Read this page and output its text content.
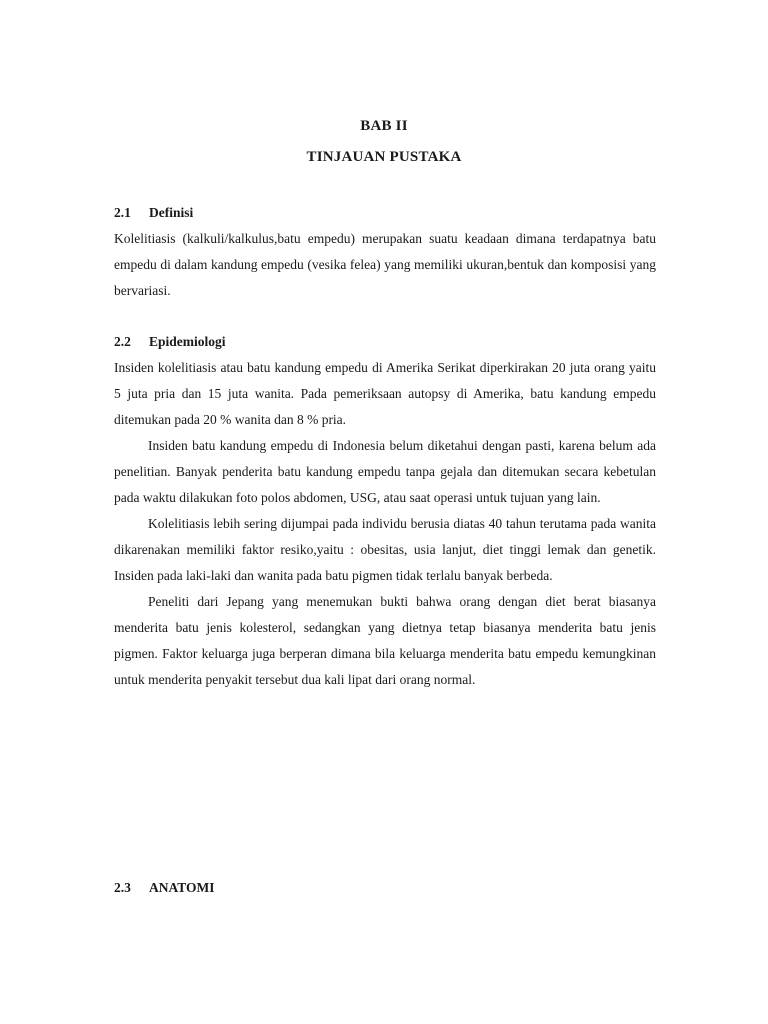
BAB II
TINJAUAN PUSTAKA
2.1 Definisi

Kolelitiasis (kalkuli/kalkulus,batu empedu) merupakan suatu keadaan dimana terdapatnya batu empedu di dalam kandung empedu (vesika felea) yang memiliki ukuran,bentuk dan komposisi yang bervariasi.

2.2 Epidemiologi

Insiden kolelitiasis atau batu kandung empedu di Amerika Serikat diperkirakan 20 juta orang yaitu 5 juta pria dan 15 juta wanita. Pada pemeriksaan autopsy di Amerika, batu kandung empedu ditemukan pada 20 % wanita dan 8 % pria.

Insiden batu kandung empedu di Indonesia belum diketahui dengan pasti, karena belum ada penelitian. Banyak penderita batu kandung empedu tanpa gejala dan ditemukan secara kebetulan pada waktu dilakukan foto polos abdomen, USG, atau saat operasi untuk tujuan yang lain.

Kolelitiasis lebih sering dijumpai pada individu berusia diatas 40 tahun terutama pada wanita dikarenakan memiliki faktor resiko,yaitu : obesitas, usia lanjut, diet tinggi lemak dan genetik. Insiden pada laki-laki dan wanita pada batu pigmen tidak terlalu banyak berbeda.

Peneliti dari Jepang yang menemukan bukti bahwa orang dengan diet berat biasanya menderita batu jenis kolesterol, sedangkan yang dietnya tetap biasanya menderita batu jenis pigmen. Faktor keluarga juga berperan dimana bila keluarga menderita batu empedu kemungkinan untuk menderita penyakit tersebut dua kali lipat dari orang normal.

2.3 ANATOMI
